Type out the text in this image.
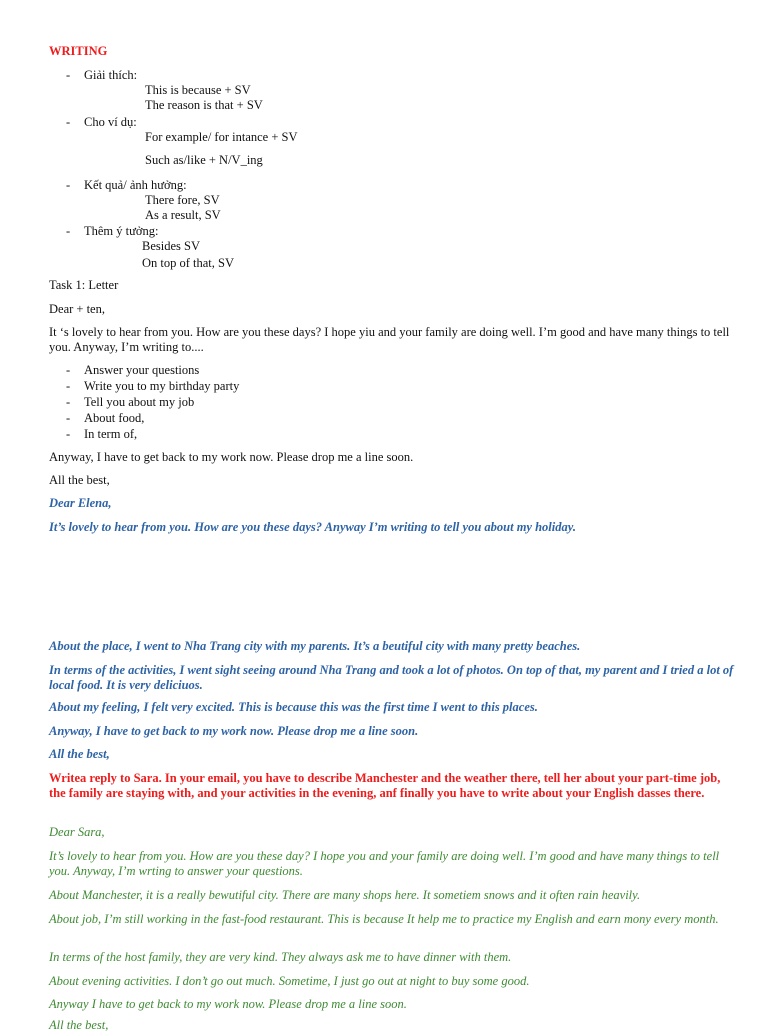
WRITING
- Giải thích:
This is because + SV
The reason is that + SV
- Cho ví dụ:
For example/ for intance + SV
Such as/like + N/V_ing
- Kết quả/ ảnh hưởng:
There fore, SV
As a result, SV
- Thêm ý tưởng:
Besides SV
On top of that, SV
Task 1: Letter
Dear + ten,
It ‘s lovely to hear from you. How are you these days? I hope yiu and your family are doing well. I’m good and have many things to tell you. Anyway, I’m writing to....
- Answer your questions
- Write you to my birthday party
- Tell you about my job
- About food,
- In term of,
Anyway, I have to get back to my work now. Please drop me a line soon.
All the best,
Dear Elena,
It’s lovely to hear from you. How are you these days? Anyway I’m writing to tell you about my holiday.
About the place, I went to Nha Trang city with my parents. It’s a beutiful city with many pretty beaches.
In terms of the activities, I went sight seeing around Nha Trang and took a lot of photos. On top of that, my parent and I tried a lot of local food. It is very deliciuos.
About my feeling, I felt very excited. This is because this was the first time I went to this places.
Anyway, I have to get back to my work now. Please drop me a line soon.
All the best,
Writea reply to Sara. In your email, you have to describe Manchester and the weather there, tell her about your part-time job, the family are staying with, and your activities in the evening, anf finally you have to write about your English dasses there.
Dear Sara,
It’s lovely to hear from you. How are you these day? I hope you and your family are doing well. I’m good and have many things to tell you. Anyway, I’m wrting to answer your questions.
About Manchester, it is a really bewutiful city. There are many shops here. It sometiem snows and it often rain heavily.
About job, I’m still working in the fast-food restaurant. This is because It help me to practice my English and earn mony every month.
In terms of the host family, they are very kind. They always ask me to have dinner with them.
About evening activities. I don’t go out much. Sometime, I just go out at night to buy some good.
Anyway I have to get back to my work now. Please drop me a line soon.
All the best,
